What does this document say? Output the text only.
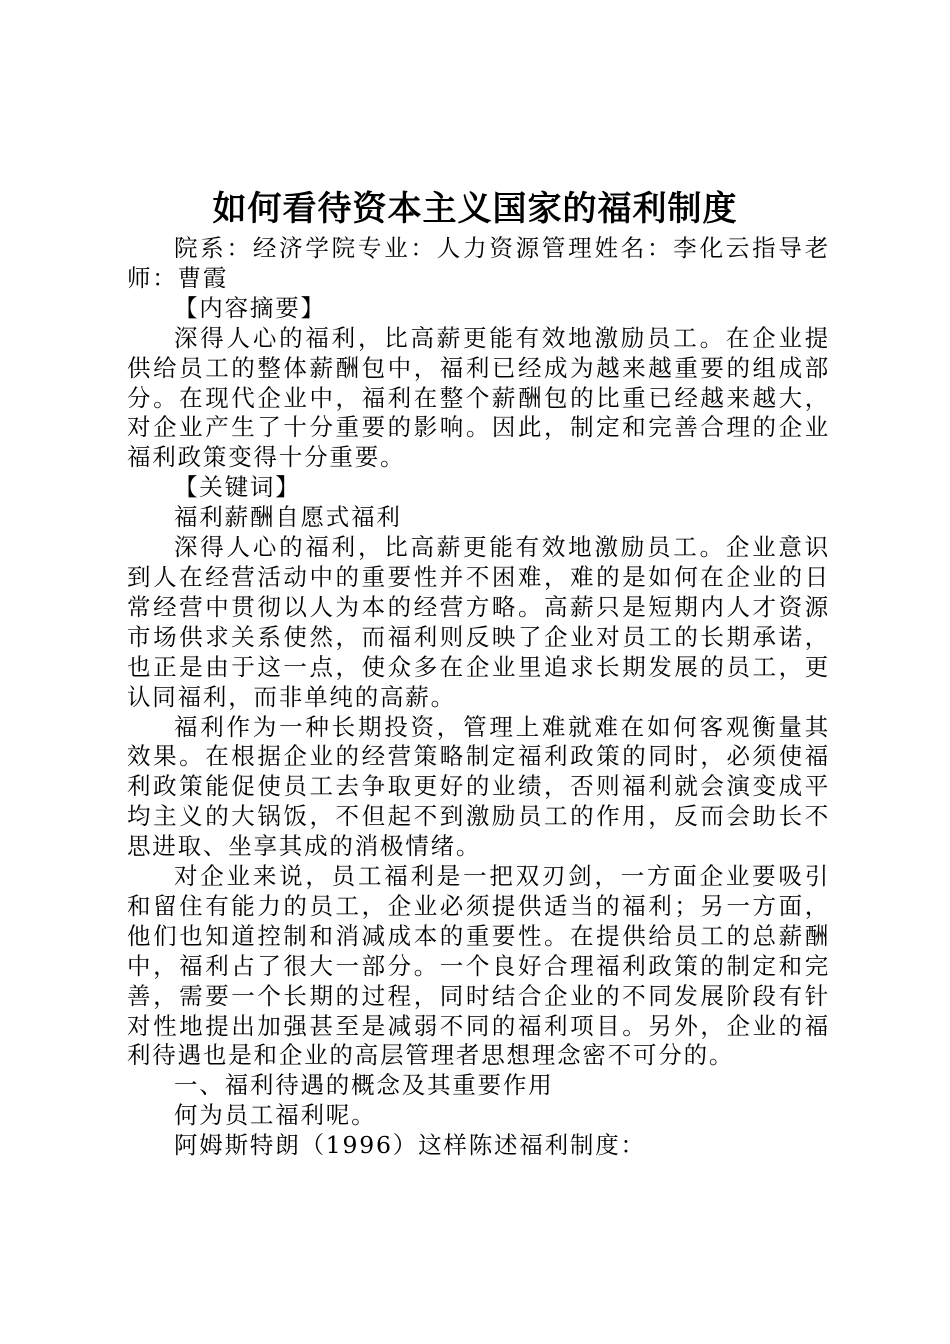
如何看待资本主义国家的福利制度

院系：经济学院专业：人力资源管理姓名：李化云指导老师：曹霞

【内容摘要】

深得人心的福利，比高薪更能有效地激励员工。在企业提供给员工的整体薪酬包中，福利已经成为越来越重要的组成部分。在现代企业中，福利在整个薪酬包的比重已经越来越大，对企业产生了十分重要的影响。因此，制定和完善合理的企业福利政策变得十分重要。

【关键词】

福利薪酬自愿式福利

深得人心的福利，比高薪更能有效地激励员工。企业意识到人在经营活动中的重要性并不困难，难的是如何在企业的日常经营中贯彻以人为本的经营方略。高薪只是短期内人才资源市场供求关系使然，而福利则反映了企业对员工的长期承诺，也正是由于这一点，使众多在企业里追求长期发展的员工，更认同福利，而非单纯的高薪。

福利作为一种长期投资，管理上难就难在如何客观衡量其效果。在根据企业的经营策略制定福利政策的同时，必须使福利政策能促使员工去争取更好的业绩，否则福利就会演变成平均主义的大锅饭，不但起不到激励员工的作用，反而会助长不思进取、坐享其成的消极情绪。

对企业来说，员工福利是一把双刃剑，一方面企业要吸引和留住有能力的员工，企业必须提供适当的福利；另一方面，他们也知道控制和消减成本的重要性。在提供给员工的总薪酬中，福利占了很大一部分。一个良好合理福利政策的制定和完善，需要一个长期的过程，同时结合企业的不同发展阶段有针对性地提出加强甚至是减弱不同的福利项目。另外，企业的福利待遇也是和企业的高层管理者思想理念密不可分的。

一、福利待遇的概念及其重要作用

何为员工福利呢。

阿姆斯特朗（1996）这样陈述福利制度：
